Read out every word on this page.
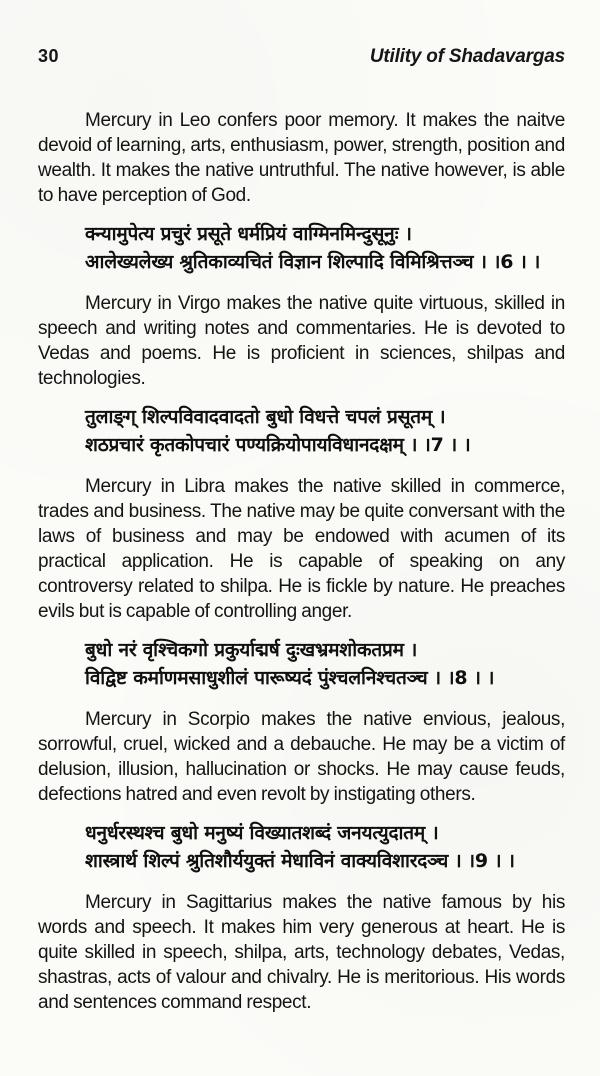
30	Utility of Shadavargas

Mercury in Leo confers poor memory. It makes the naitve devoid of learning, arts, enthusiasm, power, strength, position and wealth. It makes the native untruthful. The native however, is able to have perception of God.

क्न्यामुपेत्य प्रचुरं प्रसूते धर्मप्रियं वाग्मिनमिन्दुसूनुः ।
आलेख्यलेख्य श्रुतिकाव्यचितं विज्ञान शिल्पादि विमिश्रित्तञ्च । ।6 । ।

Mercury in Virgo makes the native quite virtuous, skilled in speech and writing notes and commentaries. He is devoted to Vedas and poems. He is proficient in sciences, shilpas and technologies.

तुलाङ्ग् शिल्पविवादवादतो बुधो विधत्ते चपलं प्रसूतम् ।
शठप्रचारं कृतकोपचारं पण्यक्रियोपायविधानदक्षम् । ।7 । ।

Mercury in Libra makes the native skilled in commerce, trades and business. The native may be quite conversant with the laws of business and may be endowed with acumen of its practical application. He is capable of speaking on any controversy related to shilpa. He is fickle by nature. He preaches evils but is capable of controlling anger.

बुधो नरं वृश्चिकगो प्रकुर्याद्मर्ष दुःखभ्रमशोकतप्रम ।
विद्विष्ट कर्माणमसाधुशीलं पारूष्यदं पुंश्चलनिश्चतञ्च । ।8 । ।

Mercury in Scorpio makes the native envious, jealous, sorrowful, cruel, wicked and a debauche. He may be a victim of delusion, illusion, hallucination or shocks. He may cause feuds, defections hatred and even revolt by instigating others.

धनुर्धरस्थश्च बुधो मनुष्यं विख्यातशब्दं जनयत्युदातम् ।
शास्त्रार्थ शिल्पं श्रुतिशौर्ययुक्तं मेधाविनं वाक्यविशारदञ्च । ।9 । ।

Mercury in Sagittarius makes the native famous by his words and speech. It makes him very generous at heart. He is quite skilled in speech, shilpa, arts, technology debates, Vedas, shastras, acts of valour and chivalry. He is meritorious. His words and sentences command respect.
